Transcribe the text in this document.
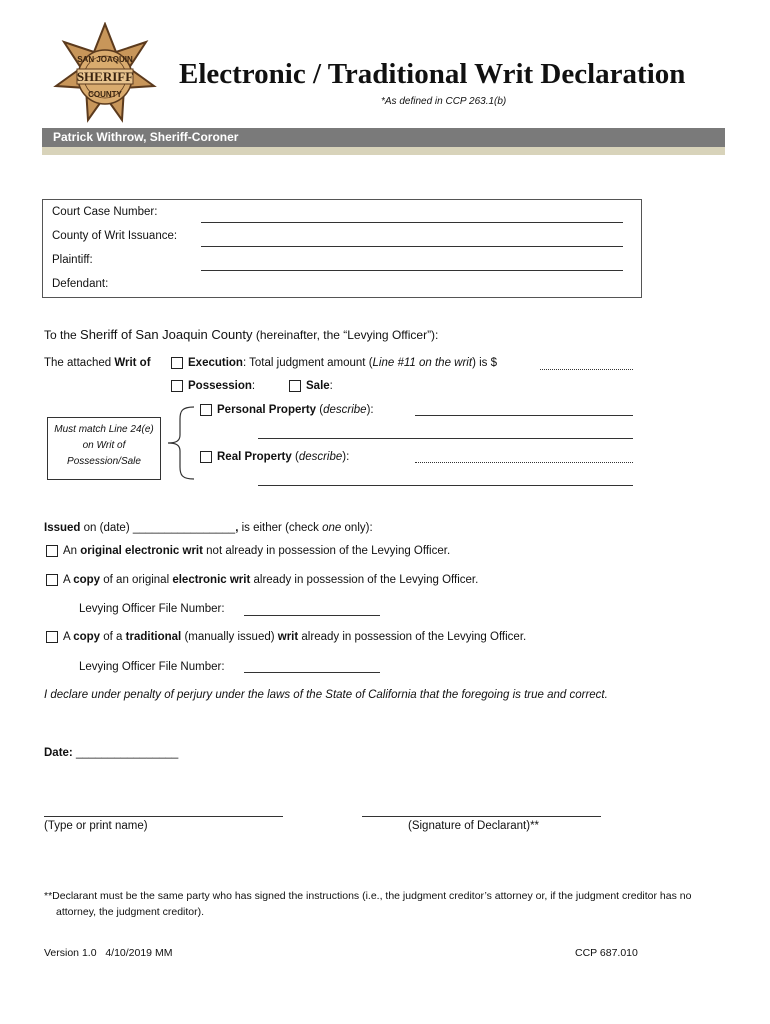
SAN JOAQUIN
SHERIFF
COUNTY
Electronic / Traditional Writ Declaration
*As defined in CCP 263.1(b)
Patrick Withrow, Sheriff-Coroner
Court Case Number:
County of Writ Issuance:
Plaintiff:
Defendant:
To the Sheriff of San Joaquin County (hereinafter, the “Levying Officer”):
The attached Writ of	Execution: Total judgment amount (Line #11 on the writ) is $
Possession:	Sale:
Must match Line 24(e) on Writ of Possession/Sale
Personal Property (describe):
Real Property (describe):
Issued on (date) ________________, is either (check one only):
An original electronic writ not already in possession of the Levying Officer.
A copy of an original electronic writ already in possession of the Levying Officer.
Levying Officer File Number:
A copy of a traditional (manually issued) writ already in possession of the Levying Officer.
Levying Officer File Number:
I declare under penalty of perjury under the laws of the State of California that the foregoing is true and correct.
Date: ________________
(Type or print name)	(Signature of Declarant)**
**Declarant must be the same party who has signed the instructions (i.e., the judgment creditor’s attorney or, if the judgment creditor has no attorney, the judgment creditor).
Version 1.0 4/10/2019 MM	CCP 687.010
